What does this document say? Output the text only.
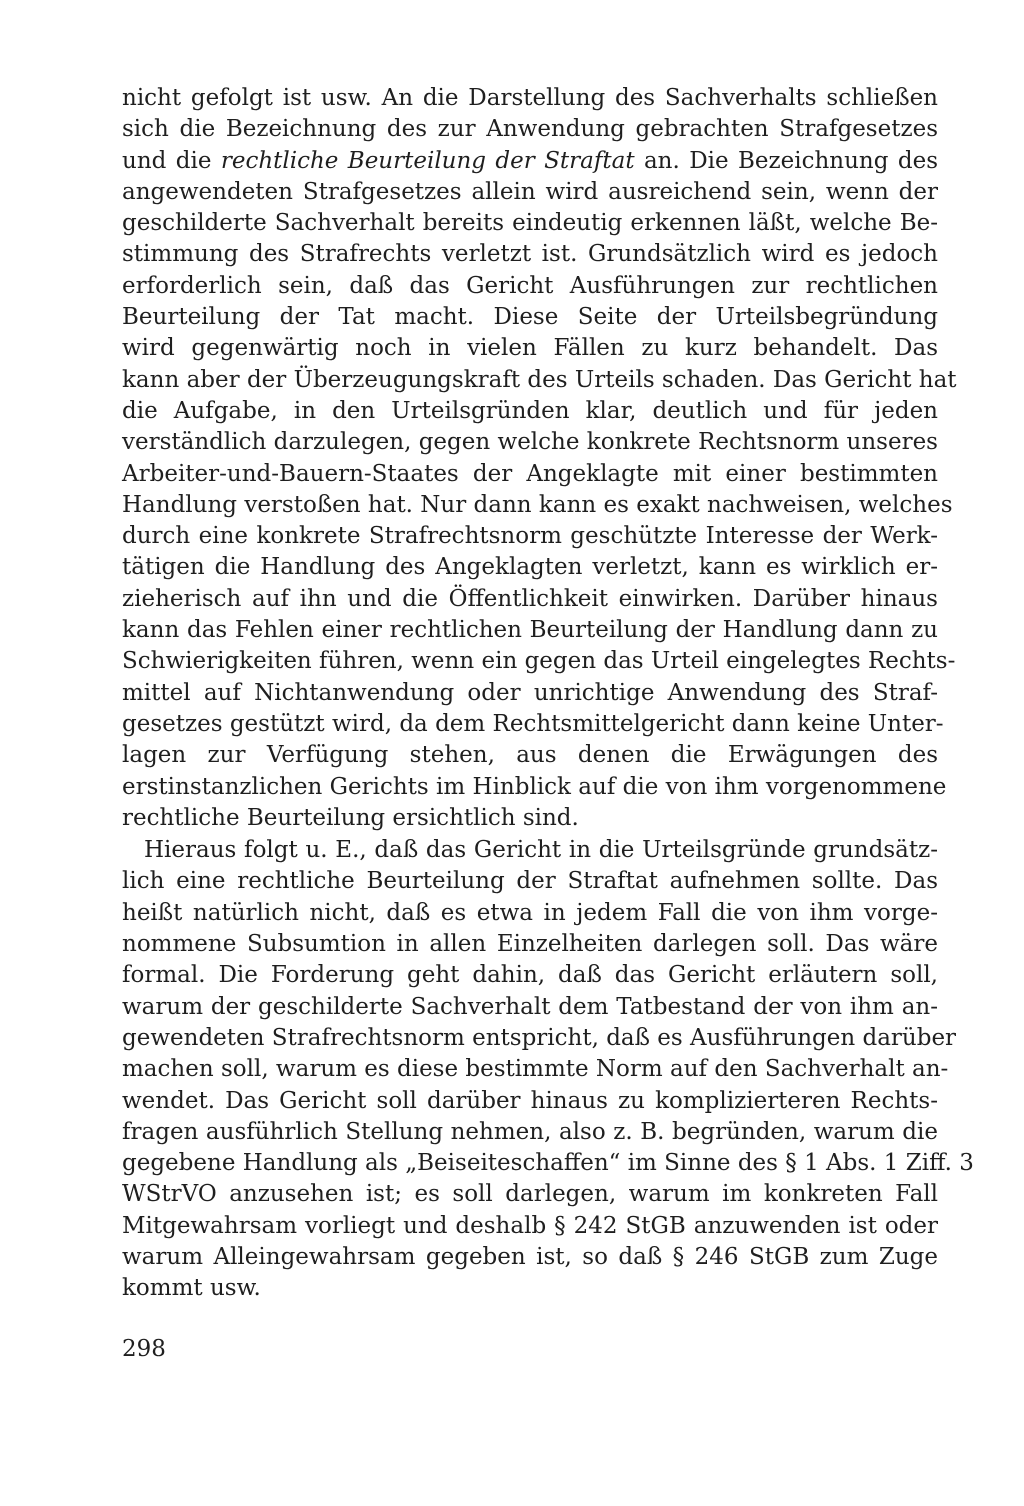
nicht gefolgt ist usw. An die Darstellung des Sachverhalts schließen
sich die Bezeichnung des zur Anwendung gebrachten Strafgesetzes
und die rechtliche Beurteilung der Straftat an. Die Bezeichnung des
angewendeten Strafgesetzes allein wird ausreichend sein, wenn der
geschilderte Sachverhalt bereits eindeutig erkennen läßt, welche Be-
stimmung des Strafrechts verletzt ist. Grundsätzlich wird es jedoch
erforderlich sein, daß das Gericht Ausführungen zur rechtlichen
Beurteilung der Tat macht. Diese Seite der Urteilsbegründung
wird gegenwärtig noch in vielen Fällen zu kurz behandelt. Das
kann aber der Überzeugungskraft des Urteils schaden. Das Gericht hat
die Aufgabe, in den Urteilsgründen klar, deutlich und für jeden
verständlich darzulegen, gegen welche konkrete Rechtsnorm unseres
Arbeiter-und-Bauern-Staates der Angeklagte mit einer bestimmten
Handlung verstoßen hat. Nur dann kann es exakt nachweisen, welches
durch eine konkrete Strafrechtsnorm geschützte Interesse der Werk-
tätigen die Handlung des Angeklagten verletzt, kann es wirklich er-
zieherisch auf ihn und die Öffentlichkeit einwirken. Darüber hinaus
kann das Fehlen einer rechtlichen Beurteilung der Handlung dann zu
Schwierigkeiten führen, wenn ein gegen das Urteil eingelegtes Rechts-
mittel auf Nichtanwendung oder unrichtige Anwendung des Straf-
gesetzes gestützt wird, da dem Rechtsmittelgericht dann keine Unter-
lagen zur Verfügung stehen, aus denen die Erwägungen des
erstinstanzlichen Gerichts im Hinblick auf die von ihm vorgenommene
rechtliche Beurteilung ersichtlich sind.
Hieraus folgt u. E., daß das Gericht in die Urteilsgründe grundsätz-
lich eine rechtliche Beurteilung der Straftat aufnehmen sollte. Das
heißt natürlich nicht, daß es etwa in jedem Fall die von ihm vorge-
nommene Subsumtion in allen Einzelheiten darlegen soll. Das wäre
formal. Die Forderung geht dahin, daß das Gericht erläutern soll,
warum der geschilderte Sachverhalt dem Tatbestand der von ihm an-
gewendeten Strafrechtsnorm entspricht, daß es Ausführungen darüber
machen soll, warum es diese bestimmte Norm auf den Sachverhalt an-
wendet. Das Gericht soll darüber hinaus zu komplizierteren Rechts-
fragen ausführlich Stellung nehmen, also z. B. begründen, warum die
gegebene Handlung als „Beiseiteschaffen“ im Sinne des § 1 Abs. 1 Ziff. 3
WStrVO anzusehen ist; es soll darlegen, warum im konkreten Fall
Mitgewahrsam vorliegt und deshalb § 242 StGB anzuwenden ist oder
warum Alleingewahrsam gegeben ist, so daß § 246 StGB zum Zuge
kommt usw.
298
